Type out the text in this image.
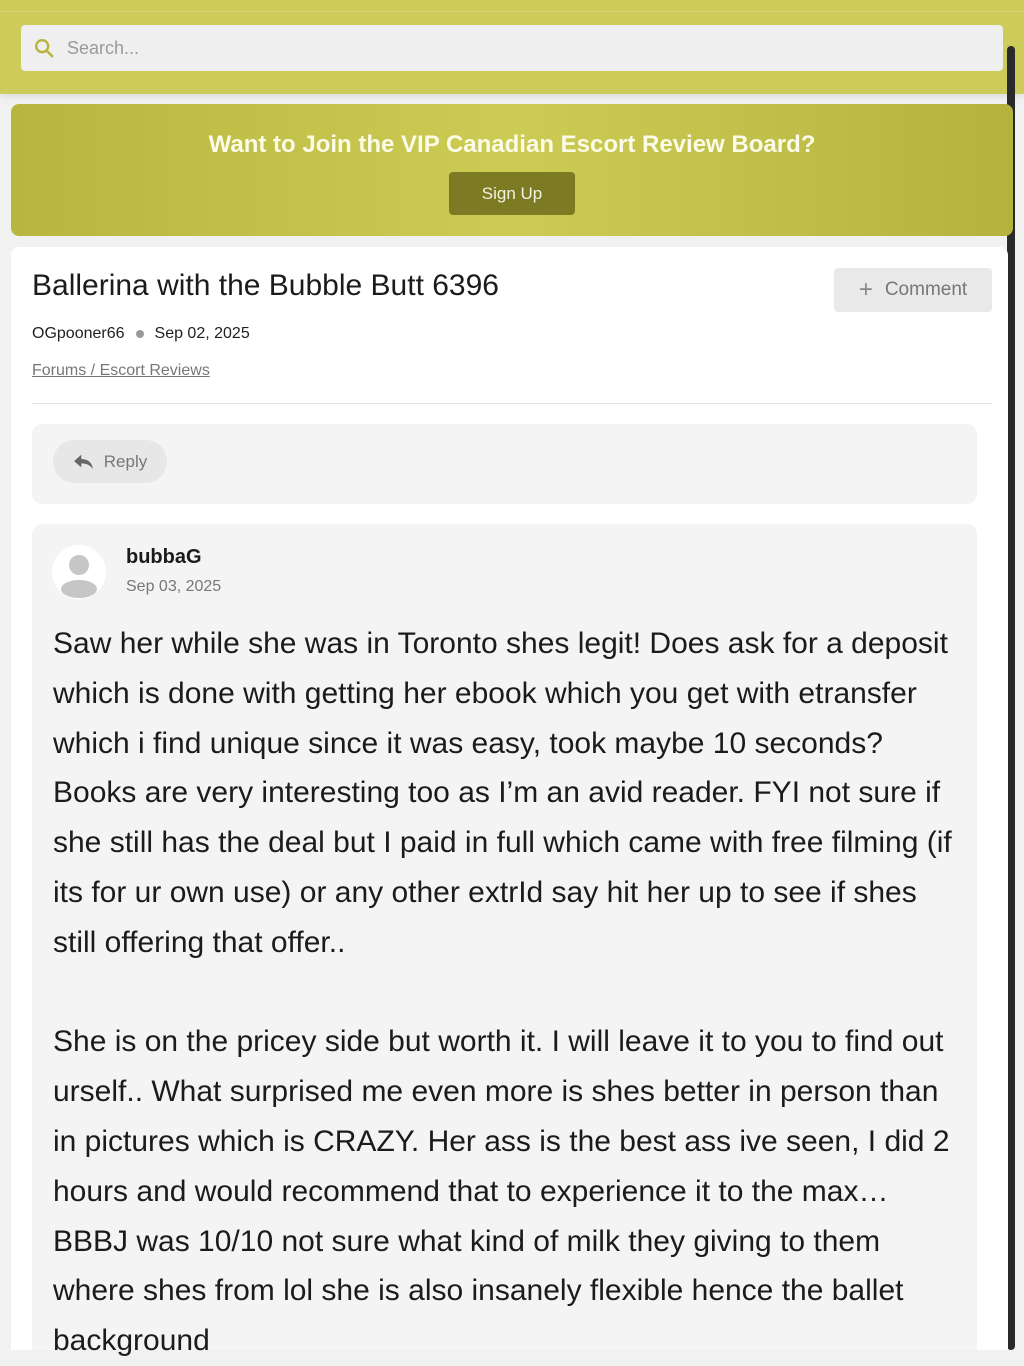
Search...
Want to Join the VIP Canadian Escort Review Board?
Sign Up
Ballerina with the Bubble Butt 6396	+ Comment
OGpooner66 Sep 02, 2025
Forums / Escort Reviews
Reply
bubbaG
Sep 03, 2025

Saw her while she was in Toronto shes legit! Does ask for a deposit which is done with getting her ebook which you get with etransfer which i find unique since it was easy, took maybe 10 seconds? Books are very interesting too as I’m an avid reader. FYI not sure if she still has the deal but I paid in full which came with free filming (if its for ur own use) or any other extrId say hit her up to see if shes still offering that offer..

She is on the pricey side but worth it. I will leave it to you to find out urself.. What surprised me even more is shes better in person than in pictures which is CRAZY. Her ass is the best ass ive seen, I did 2 hours and would recommend that to experience it to the max… BBBJ was 10/10 not sure what kind of milk they giving to them where shes from lol she is also insanely flexible hence the ballet background
